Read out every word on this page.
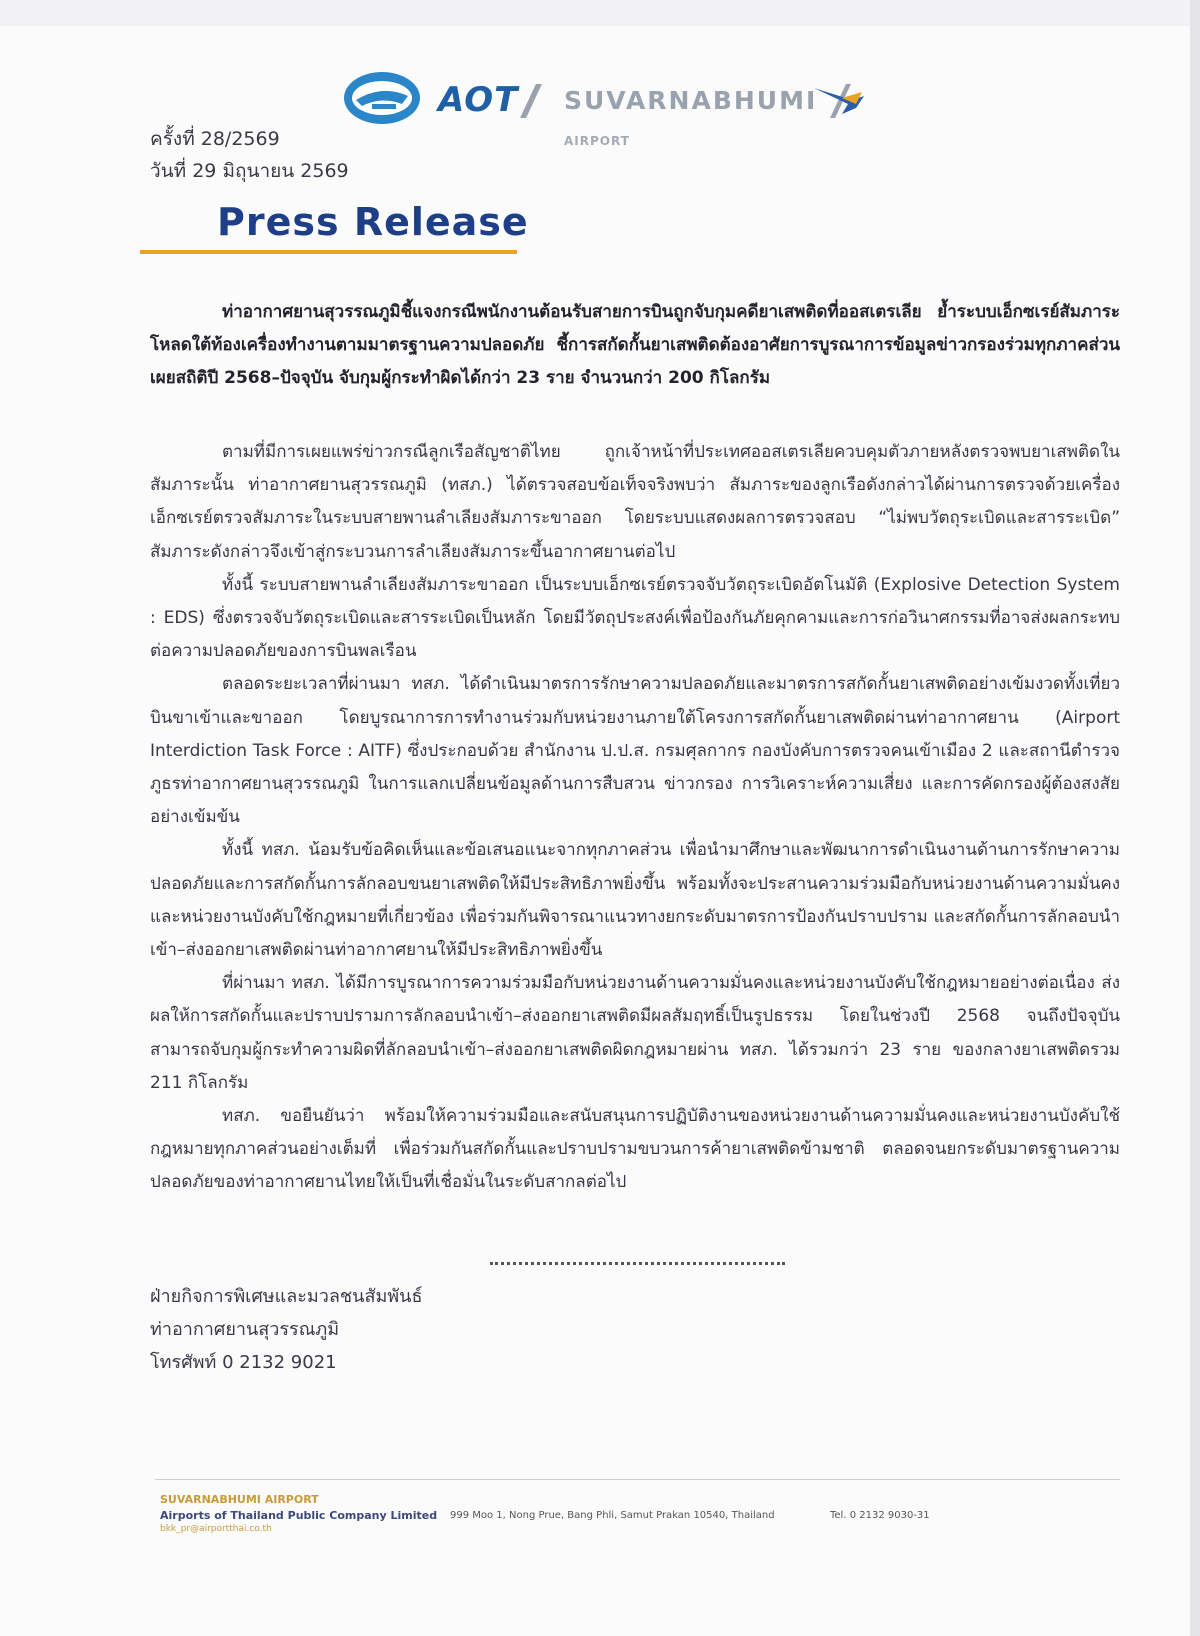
AOT SUVARNABHUMI
AIRPORT
ครั้งที่ 28/2569
วันที่ 29 มิถุนายน 2569
Press Release
ท่าอากาศยานสุวรรณภูมิชี้แจงกรณีพนักงานต้อนรับสายการบินถูกจับกุมคดียาเสพติดที่ออสเตรเลีย ย้ำระบบเอ็กซเรย์สัมภาระโหลดใต้ท้องเครื่องทำงานตามมาตรฐานความปลอดภัย ชี้การสกัดกั้นยาเสพติดต้องอาศัยการบูรณาการข้อมูลข่าวกรองร่วมทุกภาคส่วน เผยสถิติปี 2568–ปัจจุบัน จับกุมผู้กระทำผิดได้กว่า 23 ราย จำนวนกว่า 200 กิโลกรัม

ตามที่มีการเผยแพร่ข่าวกรณีลูกเรือสัญชาติไทย ถูกเจ้าหน้าที่ประเทศออสเตรเลียควบคุมตัวภายหลังตรวจพบยาเสพติดในสัมภาระนั้น ท่าอากาศยานสุวรรณภูมิ (ทสภ.) ได้ตรวจสอบข้อเท็จจริงพบว่า สัมภาระของลูกเรือดังกล่าวได้ผ่านการตรวจด้วยเครื่องเอ็กซเรย์ตรวจสัมภาระในระบบสายพานลำเลียงสัมภาระขาออก โดยระบบแสดงผลการตรวจสอบ “ไม่พบวัตถุระเบิดและสารระเบิด” สัมภาระดังกล่าวจึงเข้าสู่กระบวนการลำเลียงสัมภาระขึ้นอากาศยานต่อไป

ทั้งนี้ ระบบสายพานลำเลียงสัมภาระขาออก เป็นระบบเอ็กซเรย์ตรวจจับวัตถุระเบิดอัตโนมัติ (Explosive Detection System : EDS) ซึ่งตรวจจับวัตถุระเบิดและสารระเบิดเป็นหลัก โดยมีวัตถุประสงค์เพื่อป้องกันภัยคุกคามและการก่อวินาศกรรมที่อาจส่งผลกระทบต่อความปลอดภัยของการบินพลเรือน

ตลอดระยะเวลาที่ผ่านมา ทสภ. ได้ดำเนินมาตรการรักษาความปลอดภัยและมาตรการสกัดกั้นยาเสพติดอย่างเข้มงวดทั้งเที่ยวบินขาเข้าและขาออก โดยบูรณาการการทำงานร่วมกับหน่วยงานภายใต้โครงการสกัดกั้นยาเสพติดผ่านท่าอากาศยาน (Airport Interdiction Task Force : AITF) ซึ่งประกอบด้วย สำนักงาน ป.ป.ส. กรมศุลกากร กองบังคับการตรวจคนเข้าเมือง 2 และสถานีตำรวจภูธรท่าอากาศยานสุวรรณภูมิ ในการแลกเปลี่ยนข้อมูลด้านการสืบสวน ข่าวกรอง การวิเคราะห์ความเสี่ยง และการคัดกรองผู้ต้องสงสัยอย่างเข้มข้น

ทั้งนี้ ทสภ. น้อมรับข้อคิดเห็นและข้อเสนอแนะจากทุกภาคส่วน เพื่อนำมาศึกษาและพัฒนาการดำเนินงานด้านการรักษาความปลอดภัยและการสกัดกั้นการลักลอบขนยาเสพติดให้มีประสิทธิภาพยิ่งขึ้น พร้อมทั้งจะประสานความร่วมมือกับหน่วยงานด้านความมั่นคงและหน่วยงานบังคับใช้กฎหมายที่เกี่ยวข้อง เพื่อร่วมกันพิจารณาแนวทางยกระดับมาตรการป้องกันปราบปราม และสกัดกั้นการลักลอบนำเข้า–ส่งออกยาเสพติดผ่านท่าอากาศยานให้มีประสิทธิภาพยิ่งขึ้น

ที่ผ่านมา ทสภ. ได้มีการบูรณาการความร่วมมือกับหน่วยงานด้านความมั่นคงและหน่วยงานบังคับใช้กฎหมายอย่างต่อเนื่อง ส่งผลให้การสกัดกั้นและปราบปรามการลักลอบนำเข้า–ส่งออกยาเสพติดมีผลสัมฤทธิ์เป็นรูปธรรม โดยในช่วงปี 2568 จนถึงปัจจุบัน สามารถจับกุมผู้กระทำความผิดที่ลักลอบนำเข้า–ส่งออกยาเสพติดผิดกฎหมายผ่าน ทสภ. ได้รวมกว่า 23 ราย ของกลางยาเสพติดรวม 211 กิโลกรัม

ทสภ. ขอยืนยันว่า พร้อมให้ความร่วมมือและสนับสนุนการปฏิบัติงานของหน่วยงานด้านความมั่นคงและหน่วยงานบังคับใช้กฎหมายทุกภาคส่วนอย่างเต็มที่ เพื่อร่วมกันสกัดกั้นและปราบปรามขบวนการค้ายาเสพติดข้ามชาติ ตลอดจนยกระดับมาตรฐานความปลอดภัยของท่าอากาศยานไทยให้เป็นที่เชื่อมั่นในระดับสากลต่อไป

ฝ่ายกิจการพิเศษและมวลชนสัมพันธ์
ท่าอากาศยานสุวรรณภูมิ
โทรศัพท์ 0 2132 9021
SUVARNABHUMI AIRPORT
Airports of Thailand Public Company Limited 999 Moo 1, Nong Prue, Bang Phli, Samut Prakan 10540, Thailand	Tel. 0 2132 9030-31
bkk_pr@airportthai.co.th
